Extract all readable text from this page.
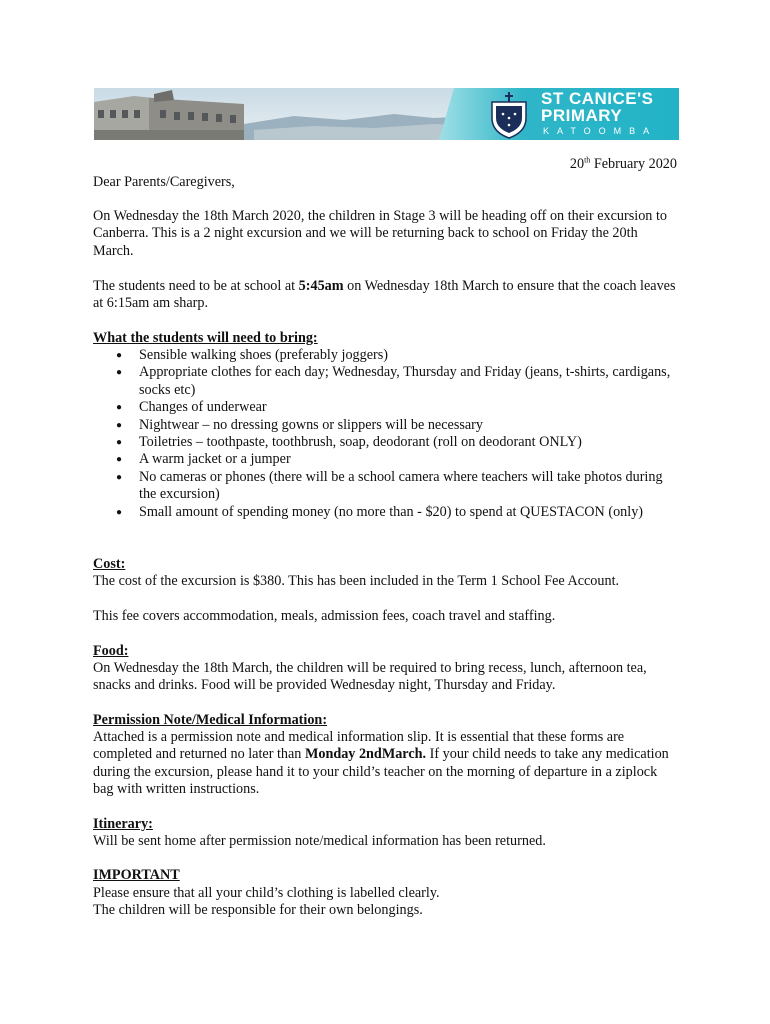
ST CANICE'S
PRIMARY
KATOOMBA
20th February 2020

Dear Parents/Caregivers,

On Wednesday the 18th March 2020, the children in Stage 3 will be heading off on their excursion to Canberra. This is a 2 night excursion and we will be returning back to school on Friday the 20th March.

The students need to be at school at 5:45am on Wednesday 18th March to ensure that the coach leaves at 6:15am am sharp.

What the students will need to bring:

● Sensible walking shoes (preferably joggers)
● Appropriate clothes for each day; Wednesday, Thursday and Friday (jeans, t-shirts, cardigans, socks etc)
● Changes of underwear
● Nightwear – no dressing gowns or slippers will be necessary
● Toiletries – toothpaste, toothbrush, soap, deodorant (roll on deodorant ONLY)
● A warm jacket or a jumper
● No cameras or phones (there will be a school camera where teachers will take photos during the excursion)
● Small amount of spending money (no more than - $20) to spend at QUESTACON (only)

Cost:

The cost of the excursion is $380. This has been included in the Term 1 School Fee Account.

This fee covers accommodation, meals, admission fees, coach travel and staffing.

Food:

On Wednesday the 18th March, the children will be required to bring recess, lunch, afternoon tea, snacks and drinks. Food will be provided Wednesday night, Thursday and Friday.

Permission Note/Medical Information:

Attached is a permission note and medical information slip. It is essential that these forms are completed and returned no later than Monday 2ndMarch. If your child needs to take any medication during the excursion, please hand it to your child’s teacher on the morning of departure in a ziplock bag with written instructions.

Itinerary:

Will be sent home after permission note/medical information has been returned.

IMPORTANT

Please ensure that all your child’s clothing is labelled clearly.

The children will be responsible for their own belongings.
